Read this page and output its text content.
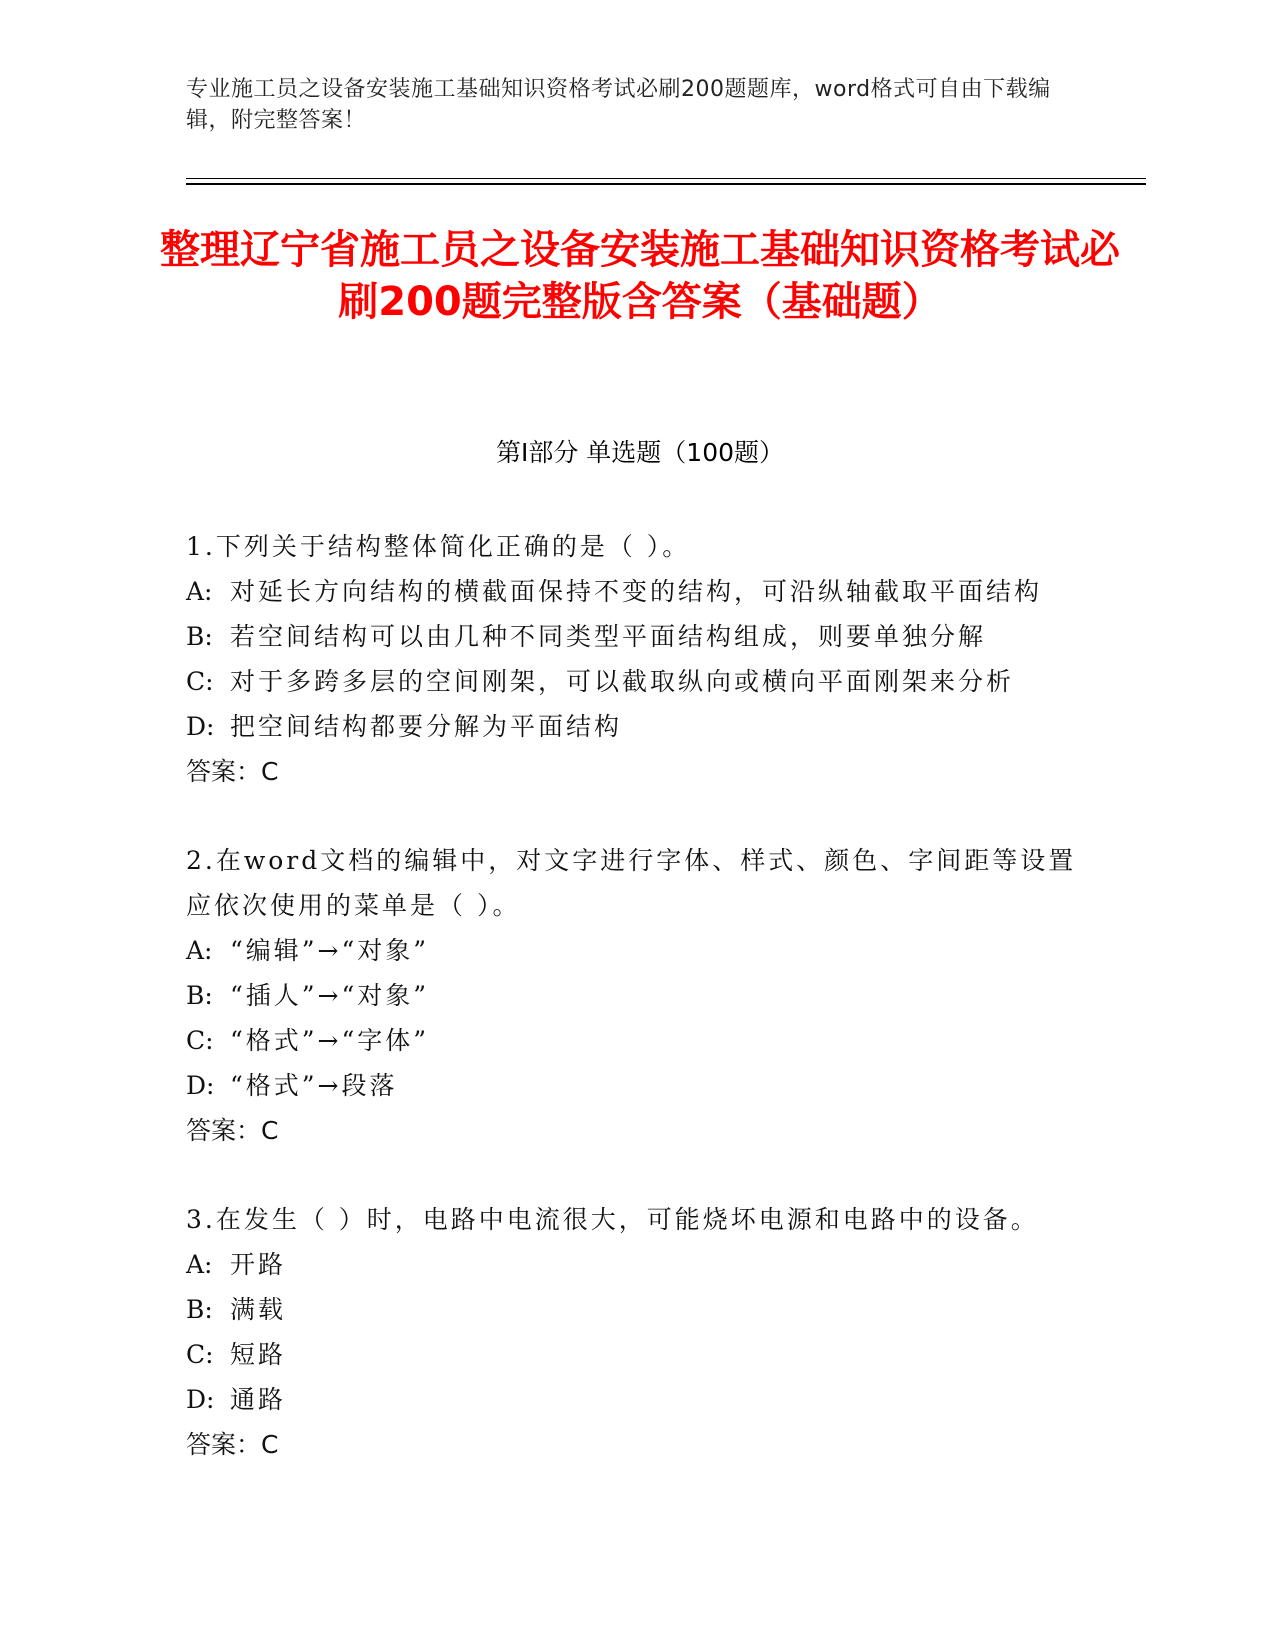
专业施工员之设备安装施工基础知识资格考试必刷200题题库，word格式可自由下载编辑，附完整答案！
整理辽宁省施工员之设备安装施工基础知识资格考试必刷200题完整版含答案（基础题）
第I部分 单选题（100题）
1.下列关于结构整体简化正确的是（ ）。
A: 对延长方向结构的横截面保持不变的结构，可沿纵轴截取平面结构
B: 若空间结构可以由几种不同类型平面结构组成，则要单独分解
C: 对于多跨多层的空间刚架，可以截取纵向或横向平面刚架来分析
D: 把空间结构都要分解为平面结构
答案：C
2.在word文档的编辑中，对文字进行字体、样式、颜色、字间距等设置应依次使用的菜单是（ ）。
A: “编辑”→“对象”
B: “插人”→“对象”
C: “格式”→“字体”
D: “格式”→段落
答案：C
3.在发生（ ）时，电路中电流很大，可能烧坏电源和电路中的设备。
A: 开路
B: 满载
C: 短路
D: 通路
答案：C
